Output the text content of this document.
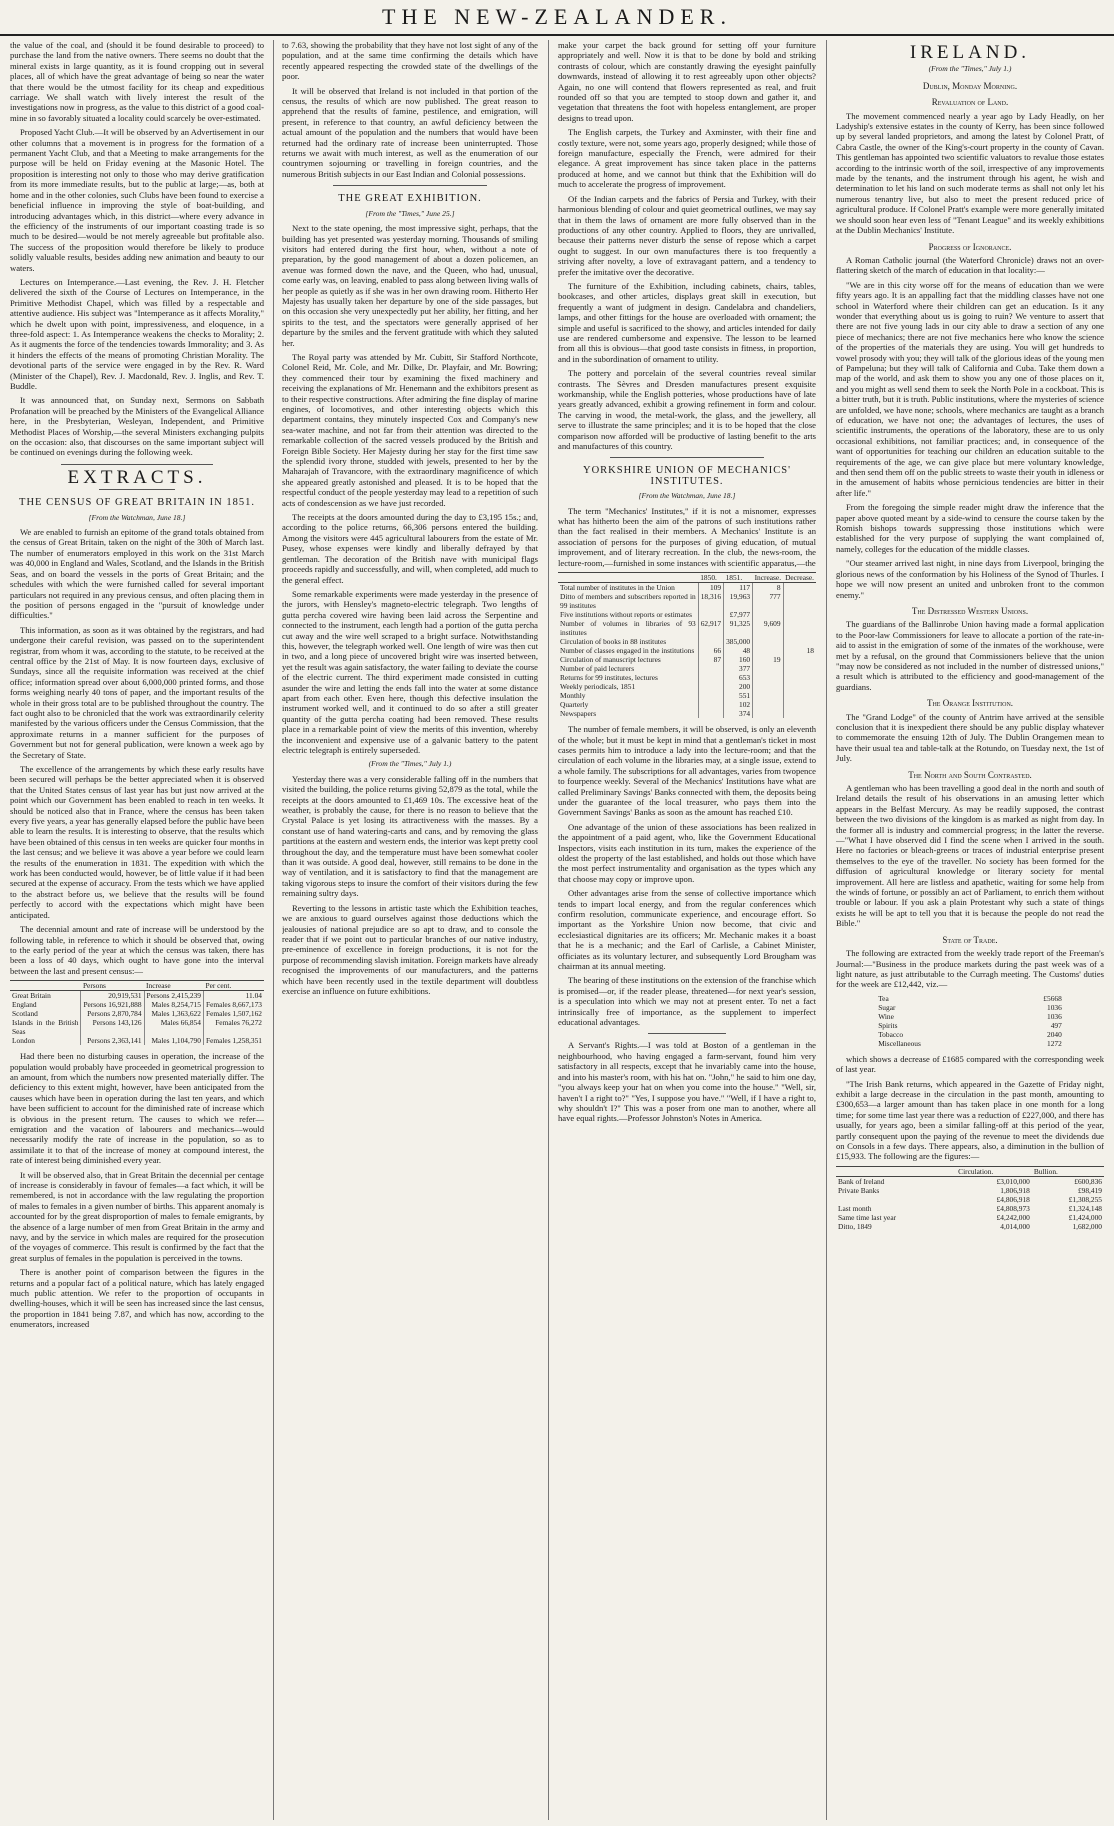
THE NEW-ZEALANDER.

the value of the coal, and (should it be found desirable to proceed) to purchase the land from the native owners. There seems no doubt that the mineral exists in large quantity, as it is found cropping out in several places, all of which have the great advantage of being so near the water that there would be the utmost facility for its cheap and expeditious carriage. We shall watch with lively interest the result of the investigations now in progress, as the value to this district of a good coal-mine in so favorably situated a locality could scarcely be over-estimated.

Proposed Yacht Club.—It will be observed by an Advertisement in our other columns that a movement is in progress for the formation of a permanent Yacht Club, and that a Meeting to make arrangements for the purpose will be held on Friday evening at the Masonic Hotel. The proposition is interesting not only to those who may derive gratification from its more immediate results, but to the public at large;—as, both at home and in the other colonies, such Clubs have been found to exercise a beneficial influence in improving the style of boat-building, and introducing advantages which, in this district—where every advance in the efficiency of the instruments of our important coasting trade is so much to be desired—would be not merely agreeable but profitable also. The success of the proposition would therefore be likely to produce solidly valuable results, besides adding new animation and beauty to our waters.

Lectures on Intemperance.—Last evening, the Rev. J. H. Fletcher delivered the sixth of the Course of Lectures on Intemperance, in the Primitive Methodist Chapel, which was filled by a respectable and attentive audience. His subject was "Intemperance as it affects Morality," which he dwelt upon with point, impressiveness, and eloquence, in a three-fold aspect: 1. As Intemperance weakens the checks to Morality; 2. As it augments the force of the tendencies towards Immorality; and 3. As it hinders the effects of the means of promoting Christian Morality. The devotional parts of the service were engaged in by the Rev. R. Ward (Minister of the Chapel), Rev. J. Macdonald, Rev. J. Inglis, and Rev. T. Buddle.

It was announced that, on Sunday next, Sermons on Sabbath Profanation will be preached by the Ministers of the Evangelical Alliance here, in the Presbyterian, Wesleyan, Independent, and Primitive Methodist Places of Worship,—the several Ministers exchanging pulpits on the occasion: also, that discourses on the same important subject will be continued on evenings during the following week.

EXTRACTS.
THE CENSUS OF GREAT BRITAIN IN 1851.
[From the Watchman, June 18.]

We are enabled to furnish an epitome of the grand totals obtained from the census of Great Britain, taken on the night of the 30th of March last. The number of enumerators employed in this work on the 31st March was 40,000 in England and Wales, Scotland, and the Islands in the British Seas, and on board the vessels in the ports of Great Britain; and the schedules with which the were furnished called for several important particulars not required in any previous census, and often placing them in the position of persons engaged in the "pursuit of knowledge under difficulties."

This information, as soon as it was obtained by the registrars, and had undergone their careful revision, was passed on to the superintendent registrar, from whom it was, according to the statute, to be received at the central office by the 21st of May. It is now fourteen days, exclusive of Sundays, since all the requisite information was received at the chief office; information spread over about 6,000,000 printed forms, and those forms weighing nearly 40 tons of paper, and the important results of the whole in their gross total are to be published throughout the country. The fact ought also to be chronicled that the work was extraordinarily celerity manifested by the various officers under the Census Commission, that the approximate returns in a manner sufficient for the purposes of Government but not for general publication, were known a week ago by the Secretary of State.

The excellence of the arrangements by which these early results have been secured will perhaps be the better appreciated when it is observed that the United States census of last year has but just now arrived at the point which our Government has been enabled to reach in ten weeks. It should be noticed also that in France, where the census has been taken every five years, a year has generally elapsed before the public have been able to learn the results. It is interesting to observe, that the results which have been obtained of this census in ten weeks are quicker four months in the last census; and we believe it was above a year before we could learn the results of the enumeration in 1831. The expedition with which the work has been conducted would, however, be of little value if it had been secured at the expense of accuracy. From the tests which we have applied to the abstract before us, we believe that the results will be found perfectly to accord with the expectations which might have been anticipated.

The decennial amount and rate of increase will be understood by the following table, in reference to which it should be observed that, owing to the early period of the year at which the census was taken, there has been a loss of 40 days, which ought to have gone into the interval between the last and present census:—

	Persons	Increase	Per cent.
Great Britain	20,919,531	Persons 2,415,239	11.04
England	Persons 16,921,888	Males 8,254,715	Females 8,667,173
Scotland	Persons 2,870,784	Males 1,363,622	Females 1,507,162
Islands in the British Seas	Persons 143,126	Males 66,854	Females 76,272
London	Persons 2,363,141	Males 1,104,790	Females 1,258,351

Had there been no disturbing causes in operation, the increase of the population would probably have proceeded in geometrical progression to an amount, from which the numbers now presented materially differ. The deficiency to this extent might, however, have been anticipated from the causes which have been in operation during the last ten years, and which have been sufficient to account for the diminished rate of increase which is obvious in the present return. The causes to which we refer—emigration and the vacation of labourers and mechanics—would necessarily modify the rate of increase in the population, so as to assimilate it to that of the increase of money at compound interest, the rate of interest being diminished every year.

It will be observed also, that in Great Britain the decennial per centage of increase is considerably in favour of females—a fact which, it will be remembered, is not in accordance with the law regulating the proportion of males to females in a given number of births. This apparent anomaly is accounted for by the great disproportion of males to female emigrants, by the absence of a large number of men from Great Britain in the army and navy, and by the service in which males are required for the prosecution of the voyages of commerce. This result is confirmed by the fact that the great surplus of females in the population is perceived in the towns.

There is another point of comparison between the figures in the returns and a popular fact of a political nature, which has lately engaged much public attention. We refer to the proportion of occupants in dwelling-houses, which it will be seen has increased since the last census, the proportion in 1841 being 7.87, and which has now, according to the enumerators, increased

to 7.63, showing the probability that they have not lost sight of any of the population, and at the same time confirming the details which have recently appeared respecting the crowded state of the dwellings of the poor.

It will be observed that Ireland is not included in that portion of the census, the results of which are now published. The great reason to apprehend that the results of famine, pestilence, and emigration, will present, in reference to that country, an awful deficiency between the actual amount of the population and the numbers that would have been returned had the ordinary rate of increase been uninterrupted. Those returns we await with much interest, as well as the enumeration of our countrymen sojourning or travelling in foreign countries, and the numerous British subjects in our East Indian and Colonial possessions.

THE GREAT EXHIBITION.
[From the "Times," June 25.]

Next to the state opening, the most impressive sight, perhaps, that the building has yet presented was yesterday morning. Thousands of smiling visitors had entered during the first hour, when, without a note of preparation, by the good management of about a dozen policemen, an avenue was formed down the nave, and the Queen, who had, unusual, come early was, on leaving, enabled to pass along between living walls of her people as quietly as if she was in her own drawing room. Hitherto Her Majesty has usually taken her departure by one of the side passages, but on this occasion she very unexpectedly put her ability, her fitting, and her spirits to the test, and the spectators were generally apprised of her departure by the smiles and the fervent gratitude with which they saluted her.

The Royal party was attended by Mr. Cubitt, Sir Stafford Northcote, Colonel Reid, Mr. Cole, and Mr. Dilke, Dr. Playfair, and Mr. Bowring; they commenced their tour by examining the fixed machinery and receiving the explanations of Mr. Henemann and the exhibitors present as to their respective constructions. After admiring the fine display of marine engines, of locomotives, and other interesting objects which this department contains, they minutely inspected Cox and Company's new sea-water machine, and not far from their attention was directed to the remarkable collection of the sacred vessels produced by the British and Foreign Bible Society. Her Majesty during her stay for the first time saw the splendid ivory throne, studded with jewels, presented to her by the Maharajah of Travancore, with the extraordinary magnificence of which she appeared greatly astonished and pleased. It is to be hoped that the respectful conduct of the people yesterday may lead to a repetition of such acts of condescension as we have just recorded.

The receipts at the doors amounted during the day to £3,195 15s.; and, according to the police returns, 66,306 persons entered the building. Among the visitors were 445 agricultural labourers from the estate of Mr. Pusey, whose expenses were kindly and liberally defrayed by that gentleman. The decoration of the British nave with municipal flags proceeds rapidly and successfully, and will, when completed, add much to the general effect.

Some remarkable experiments were made yesterday in the presence of the jurors, with Hensley's magneto-electric telegraph. Two lengths of gutta percha covered wire having been laid across the Serpentine and connected to the instrument, each length had a portion of the gutta percha cut away and the wire well scraped to a bright surface. Notwithstanding this, however, the telegraph worked well. One length of wire was then cut in two, and a long piece of uncovered bright wire was inserted between, yet the result was again satisfactory, the water failing to deviate the course of the electric current. The third experiment made consisted in cutting asunder the wire and letting the ends fall into the water at some distance apart from each other. Even here, though this defective insulation the instrument worked well, and it continued to do so after a still greater quantity of the gutta percha coating had been removed. These results place in a remarkable point of view the merits of this invention, whereby the inconvenient and expensive use of a galvanic battery to the patent electric telegraph is entirely superseded.

(From the "Times," July 1.)

Yesterday there was a very considerable falling off in the numbers that visited the building, the police returns giving 52,879 as the total, while the receipts at the doors amounted to £1,469 10s. The excessive heat of the weather, is probably the cause, for there is no reason to believe that the Crystal Palace is yet losing its attractiveness with the masses. By a constant use of hand watering-carts and cans, and by removing the glass partitions at the eastern and western ends, the interior was kept pretty cool throughout the day, and the temperature must have been somewhat cooler than it was outside. A good deal, however, still remains to be done in the way of ventilation, and it is satisfactory to find that the management are taking vigorous steps to insure the comfort of their visitors during the few remaining sultry days.

Reverting to the lessons in artistic taste which the Exhibition teaches, we are anxious to guard ourselves against those deductions which the jealousies of national prejudice are so apt to draw, and to console the reader that if we point out to particular branches of our native industry, pre-eminence of excellence in foreign productions, it is not for the purpose of recommending slavish imitation. Foreign markets have already recognised the improvements of our manufacturers, and the patterns which have been recently used in the textile department will doubtless exercise an influence on future exhibitions.

make your carpet the back ground for setting off your furniture appropriately and well. Now it is that to be done by bold and striking contrasts of colour, which are constantly drawing the eyesight painfully downwards, instead of allowing it to rest agreeably upon other objects? Again, no one will contend that flowers represented as real, and fruit rounded off so that you are tempted to stoop down and gather it, and vegetation that threatens the foot with hopeless entanglement, are proper designs to tread upon.

The English carpets, the Turkey and Axminster, with their fine and costly texture, were not, some years ago, properly designed; while those of foreign manufacture, especially the French, were admired for their elegance. A great improvement has since taken place in the patterns produced at home, and we cannot but think that the Exhibition will do much to accelerate the progress of improvement.

Of the Indian carpets and the fabrics of Persia and Turkey, with their harmonious blending of colour and quiet geometrical outlines, we may say that in them the laws of ornament are more fully observed than in the productions of any other country. Applied to floors, they are unrivalled, because their patterns never disturb the sense of repose which a carpet ought to suggest. In our own manufactures there is too frequently a striving after novelty, a love of extravagant pattern, and a tendency to prefer the imitative over the decorative.

The furniture of the Exhibition, including cabinets, chairs, tables, bookcases, and other articles, displays great skill in execution, but frequently a want of judgment in design. Candelabra and chandeliers, lamps, and other fittings for the house are overloaded with ornament; the simple and useful is sacrificed to the showy, and articles intended for daily use are rendered cumbersome and expensive. The lesson to be learned from all this is obvious—that good taste consists in fitness, in proportion, and in the subordination of ornament to utility.

The pottery and porcelain of the several countries reveal similar contrasts. The Sèvres and Dresden manufactures present exquisite workmanship, while the English potteries, whose productions have of late years greatly advanced, exhibit a growing refinement in form and colour. The carving in wood, the metal-work, the glass, and the jewellery, all serve to illustrate the same principles; and it is to be hoped that the close comparison now afforded will be productive of lasting benefit to the arts and manufactures of this country.

YORKSHIRE UNION OF MECHANICS' INSTITUTES.
[From the Watchman, June 18.]

The term "Mechanics' Institutes," if it is not a misnomer, expresses what has hitherto been the aim of the patrons of such institutions rather than the fact realised in their members. A Mechanics' Institute is an association of persons for the purposes of giving education, of mutual improvement, and of literary recreation. In the club, the news-room, the lecture-room,—furnished in some instances with scientific apparatus,—the

	1850.	1851.	Increase.	Decrease.
Total number of institutes in the Union	109	117	8	
Ditto of members and subscribers reported in 99 institutes	18,316	19,963	777	
Five institutions without reports or estimates		£7,977		
Number of volumes in libraries of 93 institutes	62,917	91,325	9,609	
Circulation of books in 88 institutes		385,000		
Number of classes engaged in the institutions	66	48		18
Circulation of manuscript lectures	87	160	19	
Number of paid lecturers		377		
Returns for 99 institutes, lectures		653		
Weekly periodicals, 1851		200		
Monthly		551		
Quarterly		102		
Newspapers		374		

The number of female members, it will be observed, is only an eleventh of the whole; but it must be kept in mind that a gentleman's ticket in most cases permits him to introduce a lady into the lecture-room; and that the circulation of each volume in the libraries may, at a single issue, extend to a whole family. The subscriptions for all advantages, varies from twopence to fourpence weekly. Several of the Mechanics' Institutions have what are called Preliminary Savings' Banks connected with them, the deposits being under the guarantee of the local treasurer, who pays them into the Government Savings' Banks as soon as the amount has reached £10.

One advantage of the union of these associations has been realized in the appointment of a paid agent, who, like the Government Educational Inspectors, visits each institution in its turn, makes the experience of the oldest the property of the last established, and holds out those which have the most perfect instrumentality and organisation as the types which any that choose may copy or improve upon.

Other advantages arise from the sense of collective importance which tends to impart local energy, and from the regular conferences which confirm resolution, communicate experience, and encourage effort. So important as the Yorkshire Union now become, that civic and ecclesiastical dignitaries are its officers; Mr. Mechanic makes it a boast that he is a mechanic; and the Earl of Carlisle, a Cabinet Minister, officiates as its voluntary lecturer, and subsequently Lord Brougham was chairman at its annual meeting.

The bearing of these institutions on the extension of the franchise which is promised—or, if the reader please, threatened—for next year's session, is a speculation into which we may not at present enter. To net a fact intrinsically free of importance, as the supplement to imperfect educational advantages.

A Servant's Rights.—I was told at Boston of a gentleman in the neighbourhood, who having engaged a farm-servant, found him very satisfactory in all respects, except that he invariably came into the house, and into his master's room, with his hat on. "John," he said to him one day, "you always keep your hat on when you come into the house." "Well, sir, haven't I a right to?" "Yes, I suppose you have." "Well, if I have a right to, why shouldn't I?" This was a poser from one man to another, where all have equal rights.—Professor Johnston's Notes in America.

IRELAND.
(From the "Times," July 1.)
Dublin, Monday Morning.
Revaluation of Land.

The movement commenced nearly a year ago by Lady Headly, on her Ladyship's extensive estates in the county of Kerry, has been since followed up by several landed proprietors, and among the latest by Colonel Pratt, of Cabra Castle, the owner of the King's-court property in the county of Cavan. This gentleman has appointed two scientific valuators to revalue those estates according to the intrinsic worth of the soil, irrespective of any improvements made by the tenants, and the instrument through his agent, he wish and determination to let his land on such moderate terms as shall not only let his numerous tenantry live, but also to meet the present reduced price of agricultural produce. If Colonel Pratt's example were more generally imitated we should soon hear even less of "Tenant League" and its weekly exhibitions at the Dublin Mechanics' Institute.

Progress of Ignorance.

A Roman Catholic journal (the Waterford Chronicle) draws not an over-flattering sketch of the march of education in that locality:—

"We are in this city worse off for the means of education than we were fifty years ago. It is an appalling fact that the middling classes have not one school in Waterford where their children can get an education. Is it any wonder that everything about us is going to ruin? We venture to assert that there are not five young lads in our city able to draw a section of any one piece of mechanics; there are not five mechanics here who know the science of the properties of the materials they are using. You will get hundreds to vowel prosody with you; they will talk of the glorious ideas of the young men of Pampeluna; but they will talk of California and Cuba. Take them down a map of the world, and ask them to show you any one of those places on it, and you might as well send them to seek the North Pole in a cockboat. This is a bitter truth, but it is truth. Public institutions, where the mysteries of science are unfolded, we have none; schools, where mechanics are taught as a branch of education, we have not one; the advantages of lectures, the uses of scientific instruments, the operations of the laboratory, these are to us only occasional exhibitions, not familiar practices; and, in consequence of the want of opportunities for teaching our children an education suitable to the requirements of the age, we can give place but mere voluntary knowledge, and then send them off on the public streets to waste their youth in idleness or in the amusement of habits whose pernicious tendencies are bitter in their after life."

From the foregoing the simple reader might draw the inference that the paper above quoted meant by a side-wind to censure the course taken by the Romish bishops towards suppressing those institutions which were established for the very purpose of supplying the want complained of, namely, colleges for the education of the middle classes.

"Our steamer arrived last night, in nine days from Liverpool, bringing the glorious news of the conformation by his Holiness of the Synod of Thurles. I hope we will now present an united and unbroken front to the common enemy."

The Distressed Western Unions.

The guardians of the Ballinrobe Union having made a formal application to the Poor-law Commissioners for leave to allocate a portion of the rate-in-aid to assist in the emigration of some of the inmates of the workhouse, were met by a refusal, on the ground that Commissioners believe that the union "may now be considered as not included in the number of distressed unions," a result which is attributed to the efficiency and good-management of the guardians.

The Orange Institution.

The "Grand Lodge" of the county of Antrim have arrived at the sensible conclusion that it is inexpedient there should be any public display whatever to commemorate the ensuing 12th of July. The Dublin Orangemen mean to have their usual tea and table-talk at the Rotundo, on Tuesday next, the 1st of July.

The North and South Contrasted.

A gentleman who has been travelling a good deal in the north and south of Ireland details the result of his observations in an amusing letter which appears in the Belfast Mercury. As may be readily supposed, the contrast between the two divisions of the kingdom is as marked as night from day. In the former all is industry and commercial progress; in the latter the reverse.—"What I have observed did I find the scene when I arrived in the south. Here no factories or bleach-greens or traces of industrial enterprise present themselves to the eye of the traveller. No society has been formed for the diffusion of agricultural knowledge or literary society for mental improvement. All here are listless and apathetic, waiting for some help from the winds of fortune, or possibly an act of Parliament, to enrich them without trouble or labour. If you ask a plain Protestant why such a state of things exists he will be apt to tell you that it is because the people do not read the Bible."

State of Trade.

The following are extracted from the weekly trade report of the Freeman's Journal:—"Business in the produce markets during the past week was of a light nature, as just attributable to the Curragh meeting. The Customs' duties for the week are £12,442, viz.—

Tea	£5668
Sugar	1036
Wine	1036
Spirits	497
Tobacco	2040
Miscellaneous	1272

which shows a decrease of £1685 compared with the corresponding week of last year.

"The Irish Bank returns, which appeared in the Gazette of Friday night, exhibit a large decrease in the circulation in the past month, amounting to £300,653—a larger amount than has taken place in one month for a long time; for some time last year there was a reduction of £227,000, and there has usually, for years ago, been a similar falling-off at this period of the year, partly consequent upon the paying of the revenue to meet the dividends due on Consols in a few days. There appears, also, a diminution in the bullion of £15,933. The following are the figures:—

	Circulation.	Bullion.
Bank of Ireland	£3,010,000	£600,836
Private Banks	1,806,918	£98,419
	£4,806,918	£1,308,255
Last month	£4,808,973	£1,324,148
Same time last year	£4,242,000	£1,424,000
Ditto, 1849	4,014,000	1,682,000
